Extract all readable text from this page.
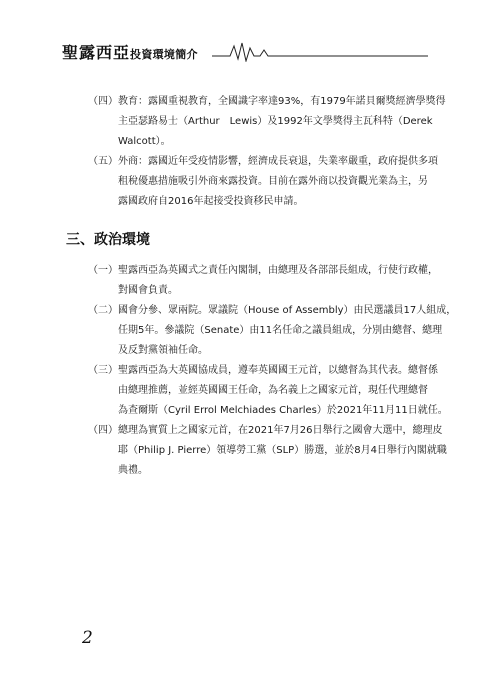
聖露西亞投資環境簡介
（四）教育：露國重視教育，全國識字率達93%，有1979年諾貝爾獎經濟學獎得
主亞瑟路易士（Arthur　Lewis）及1992年文學獎得主瓦科特（Derek
Walcott）。
（五）外商：露國近年受疫情影響，經濟成長衰退，失業率嚴重，政府提供多項
租稅優惠措施吸引外商來露投資。目前在露外商以投資觀光業為主，另
露國政府自2016年起接受投資移民申請。
三、政治環境
（一）聖露西亞為英國式之責任內閣制，由總理及各部部長組成，行使行政權，
對國會負責。
（二）國會分參、眾兩院。眾議院（House of Assembly）由民選議員17人組成，
任期5年。參議院（Senate）由11名任命之議員組成，分別由總督、總理
及反對黨領袖任命。
（三）聖露西亞為大英國協成員，遵奉英國國王元首，以總督為其代表。總督係
由總理推薦，並經英國國王任命，為名義上之國家元首，現任代理總督
為查爾斯（Cyril Errol Melchiades Charles）於2021年11月11日就任。
（四）總理為實質上之國家元首，在2021年7月26日舉行之國會大選中，總理皮
耶（Philip J. Pierre）領導勞工黨（SLP）勝選，並於8月4日舉行內閣就職
典禮。
2
